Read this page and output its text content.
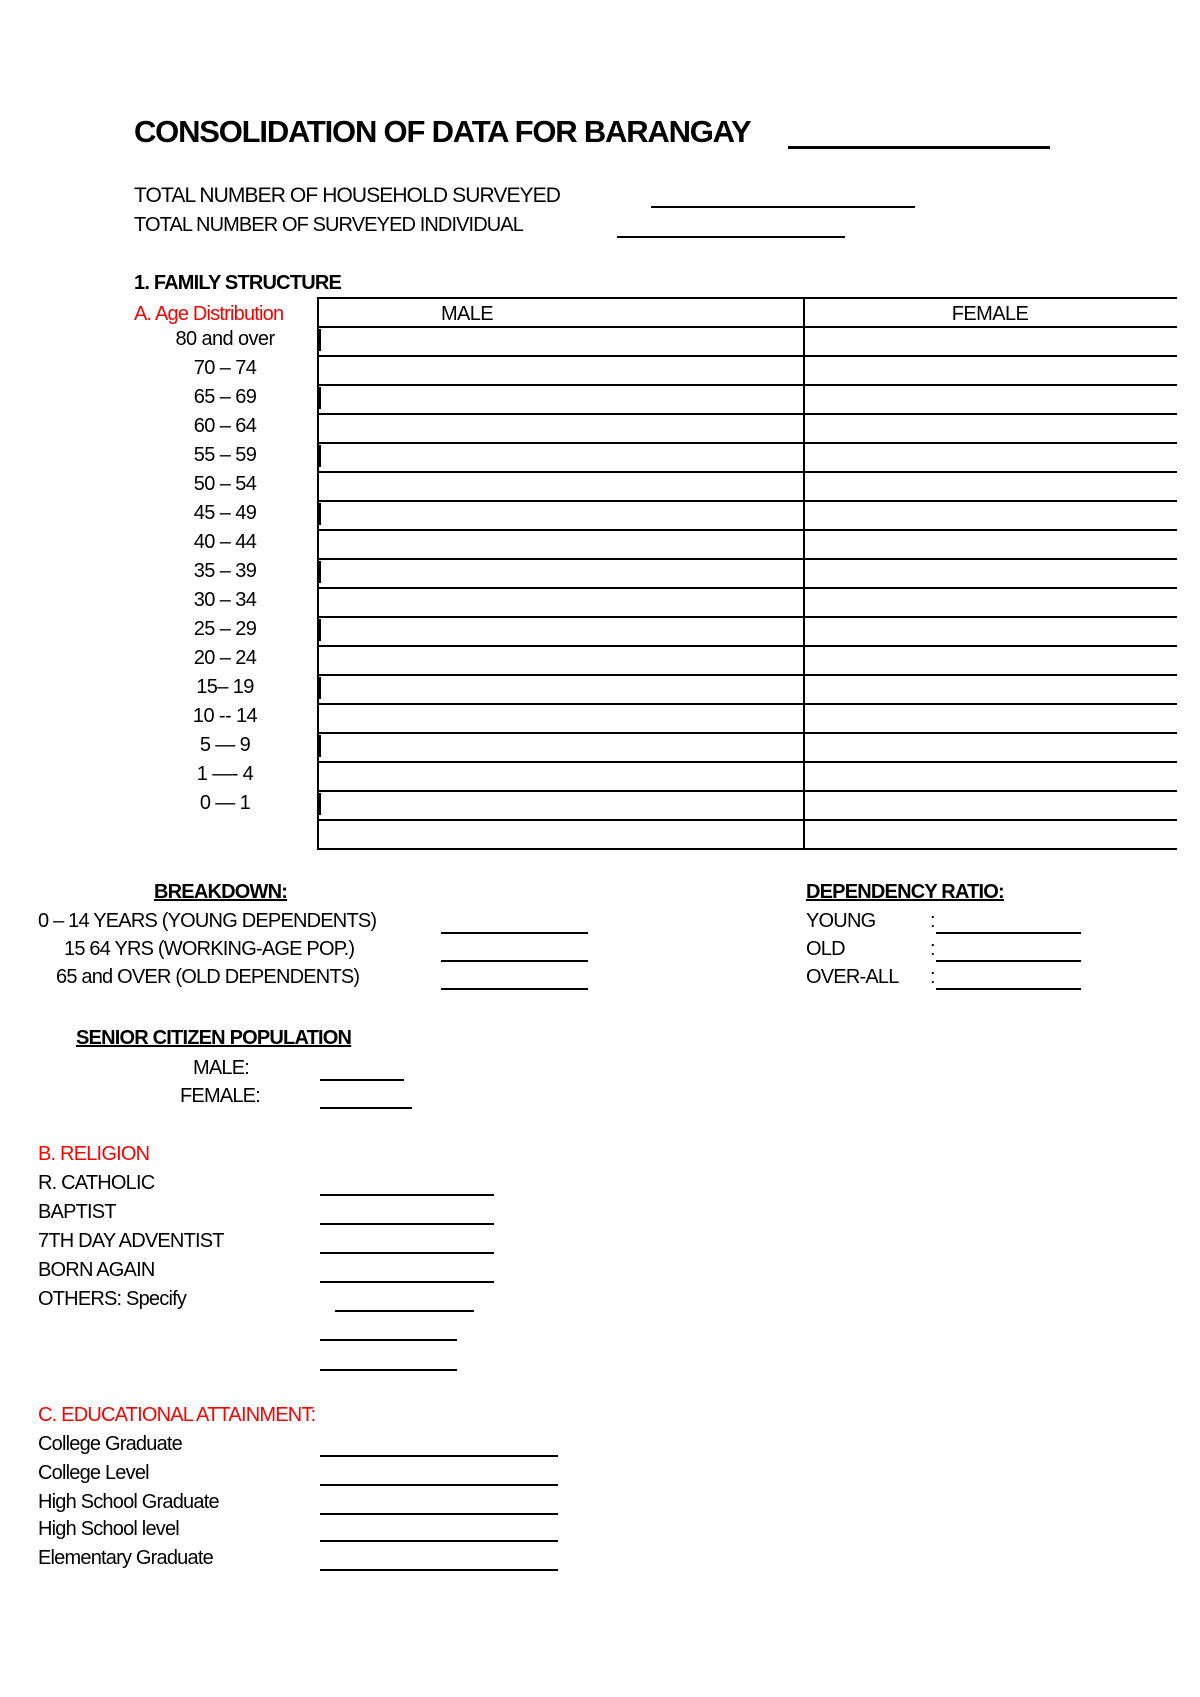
CONSOLIDATION OF DATA FOR BARANGAY
TOTAL NUMBER OF HOUSEHOLD SURVEYED
TOTAL NUMBER OF SURVEYED INDIVIDUAL
1. FAMILY STRUCTURE
A. Age Distribution	MALE	FEMALE
80 and over
70 – 74
65 – 69
60 – 64
55 – 59
50 – 54
45 – 49
40 – 44
35 – 39
30 – 34
25 – 29
20 – 24
15– 19
10 -- 14
5 — 9
1 —- 4
0 — 1
BREAKDOWN:
0 – 14 YEARS (YOUNG DEPENDENTS)
15 64 YRS (WORKING-AGE POP.)
65 and OVER (OLD DEPENDENTS)
DEPENDENCY RATIO:
YOUNG	:
OLD	:
OVER-ALL :
SENIOR CITIZEN POPULATION
MALE:
FEMALE:
B. RELIGION
R. CATHOLIC
BAPTIST
7TH DAY ADVENTIST
BORN AGAIN
OTHERS: Specify
C. EDUCATIONAL ATTAINMENT:
College Graduate
College Level
High School Graduate
High School level
Elementary Graduate
